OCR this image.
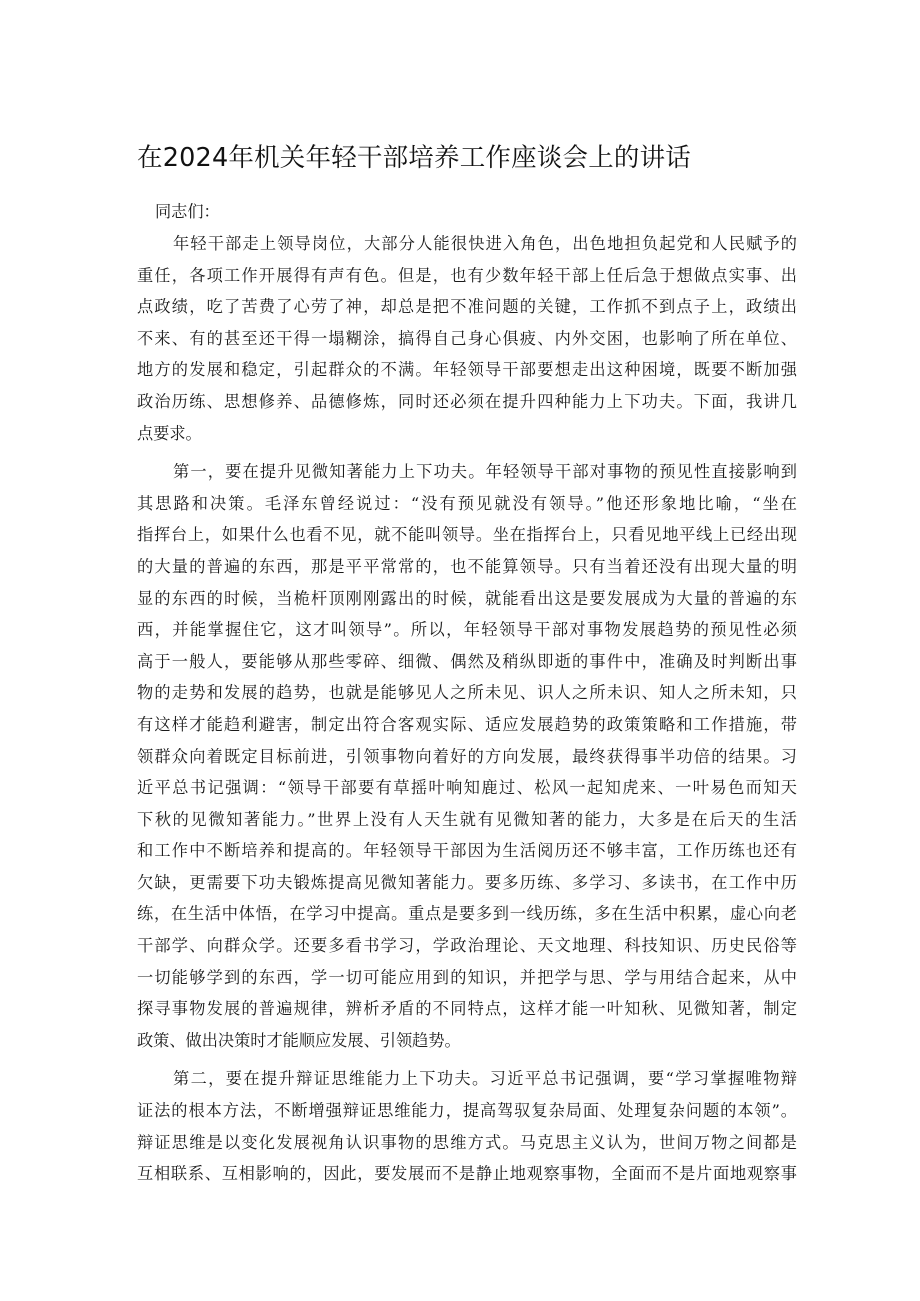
在2024年机关年轻干部培养工作座谈会上的讲话

同志们：

年轻干部走上领导岗位，大部分人能很快进入角色，出色地担负起党和人民赋予的
重任，各项工作开展得有声有色。但是，也有少数年轻干部上任后急于想做点实事、出
点政绩，吃了苦费了心劳了神，却总是把不准问题的关键，工作抓不到点子上，政绩出
不来、有的甚至还干得一塌糊涂，搞得自己身心俱疲、内外交困，也影响了所在单位、
地方的发展和稳定，引起群众的不满。年轻领导干部要想走出这种困境，既要不断加强
政治历练、思想修养、品德修炼，同时还必须在提升四种能力上下功夫。下面，我讲几
点要求。

第一，要在提升见微知著能力上下功夫。年轻领导干部对事物的预见性直接影响到
其思路和决策。毛泽东曾经说过：“没有预见就没有领导。”他还形象地比喻，“坐在
指挥台上，如果什么也看不见，就不能叫领导。坐在指挥台上，只看见地平线上已经出现
的大量的普遍的东西，那是平平常常的，也不能算领导。只有当着还没有出现大量的明
显的东西的时候，当桅杆顶刚刚露出的时候，就能看出这是要发展成为大量的普遍的东
西，并能掌握住它，这才叫领导”。所以，年轻领导干部对事物发展趋势的预见性必须
高于一般人，要能够从那些零碎、细微、偶然及稍纵即逝的事件中，准确及时判断出事
物的走势和发展的趋势，也就是能够见人之所未见、识人之所未识、知人之所未知，只
有这样才能趋利避害，制定出符合客观实际、适应发展趋势的政策策略和工作措施，带
领群众向着既定目标前进，引领事物向着好的方向发展，最终获得事半功倍的结果。习
近平总书记强调：“领导干部要有草摇叶响知鹿过、松风一起知虎来、一叶易色而知天
下秋的见微知著能力。”世界上没有人天生就有见微知著的能力，大多是在后天的生活
和工作中不断培养和提高的。年轻领导干部因为生活阅历还不够丰富，工作历练也还有
欠缺，更需要下功夫锻炼提高见微知著能力。要多历练、多学习、多读书，在工作中历
练，在生活中体悟，在学习中提高。重点是要多到一线历练，多在生活中积累，虚心向老
干部学、向群众学。还要多看书学习，学政治理论、天文地理、科技知识、历史民俗等
一切能够学到的东西，学一切可能应用到的知识，并把学与思、学与用结合起来，从中
探寻事物发展的普遍规律，辨析矛盾的不同特点，这样才能一叶知秋、见微知著，制定
政策、做出决策时才能顺应发展、引领趋势。

第二，要在提升辩证思维能力上下功夫。习近平总书记强调，要“学习掌握唯物辩
证法的根本方法，不断增强辩证思维能力，提高驾驭复杂局面、处理复杂问题的本领”。
辩证思维是以变化发展视角认识事物的思维方式。马克思主义认为，世间万物之间都是
互相联系、互相影响的，因此，要发展而不是静止地观察事物，全面而不是片面地观察事
